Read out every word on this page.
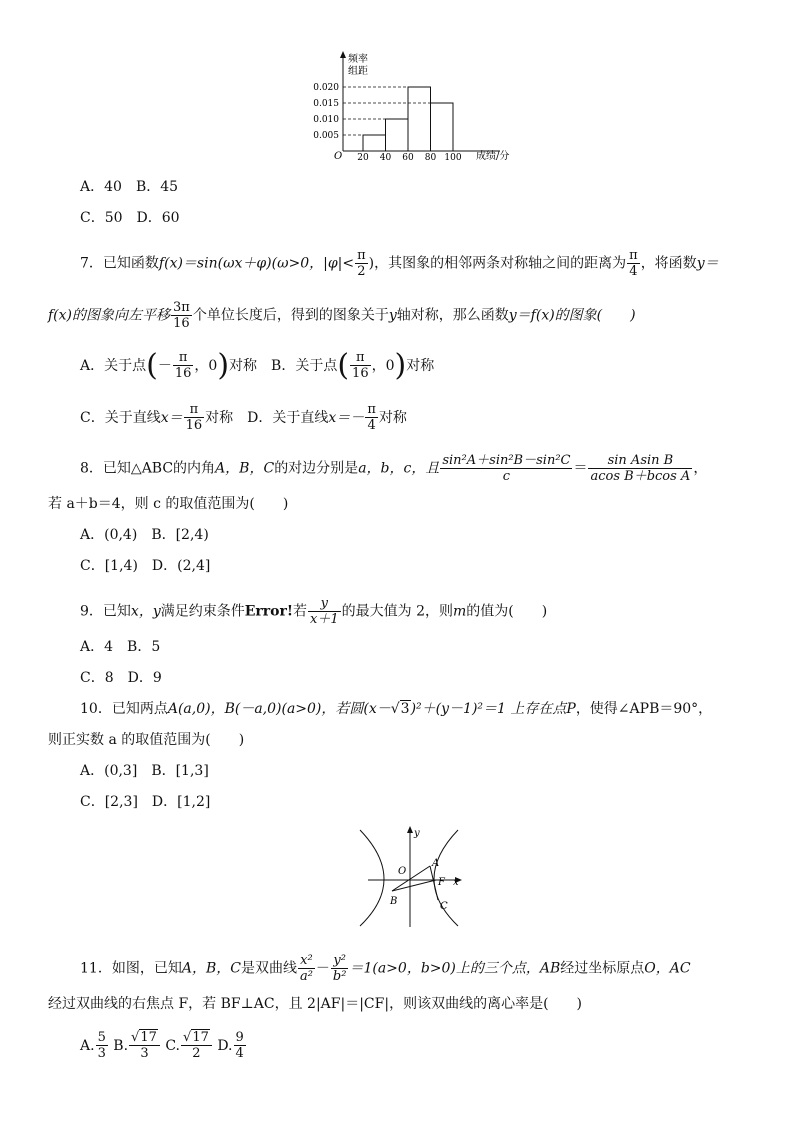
频率
组距
O	成绩/分
0.020
0.015
0.010
0.005
20 40 60 80 100
A．40　 B．45
C．50　 D．60
7．已知函数f(x)＝sin(ωx＋φ)(ω>0，$|\varphi|< \frac{\pi}{2}$ )，其图象的相邻两条对称轴之间的距离为 $\frac{\pi}{4}$ ，将函数y＝
f(x)的图象向左平移 $\frac{3\pi}{16}$ 个单位长度后，得到的图象关于y轴对称，那么函数y＝f(x)的图象(　　)
A．关于点(－ $\frac{\pi}{16}$ ，0)对称　 B．关于点( $\frac{\pi}{16}$ ，0)对称
C．关于直线$x= \frac{\pi}{16}$ 对称　 D．关于直线$x=- \frac{\pi}{4}$ 对称
8．已知△ABC的内角A，B，C的对边分别是a，b，c，且 $\frac{\text{sin²A＋sin²B－sin²C}}{c} = \frac{\text{sin Asin B}}{\text{acos B＋bcos A}}$ ，
若 a＋b＝4，则 c 的取值范围为(　　)
A．(0,4)　 B．[2,4)
C．[1,4)　 D．(2,4]
9．已知x，y满足约束条件Error!若 $\frac{y}{x+1}$ 的最大值为 2，则m的值为(　　)
A．4　 B．5
C．8　 D．9
10．已知两点A(a,0)，B(－a,0)(a>0)，若圆(x－√3)²＋(y－1)²＝1 上存在点P，使得∠APB＝90°，
则正实数 a 的取值范围为(　　)
A．(0,3]　 B．[1,3]
C．[2,3]　 D．[1,2]
y
O
A
F x
B	C
11．如图，已知A，B，C是双曲线 $\frac{\text{x²}}{\text{a²}} - \frac{\text{y²}}{\text{b²}} =1(a>0$，b>0)上的三个点，AB经过坐标原点O，AC
经过双曲线的右焦点 F，若 BF⊥AC，且 2|AF|＝|CF|，则该双曲线的离心率是(　　)
A. $\frac{5}{3} B$. $\frac{√17}{3} C$. $\frac{√17}{2} D$. $\frac{9}{4}$
